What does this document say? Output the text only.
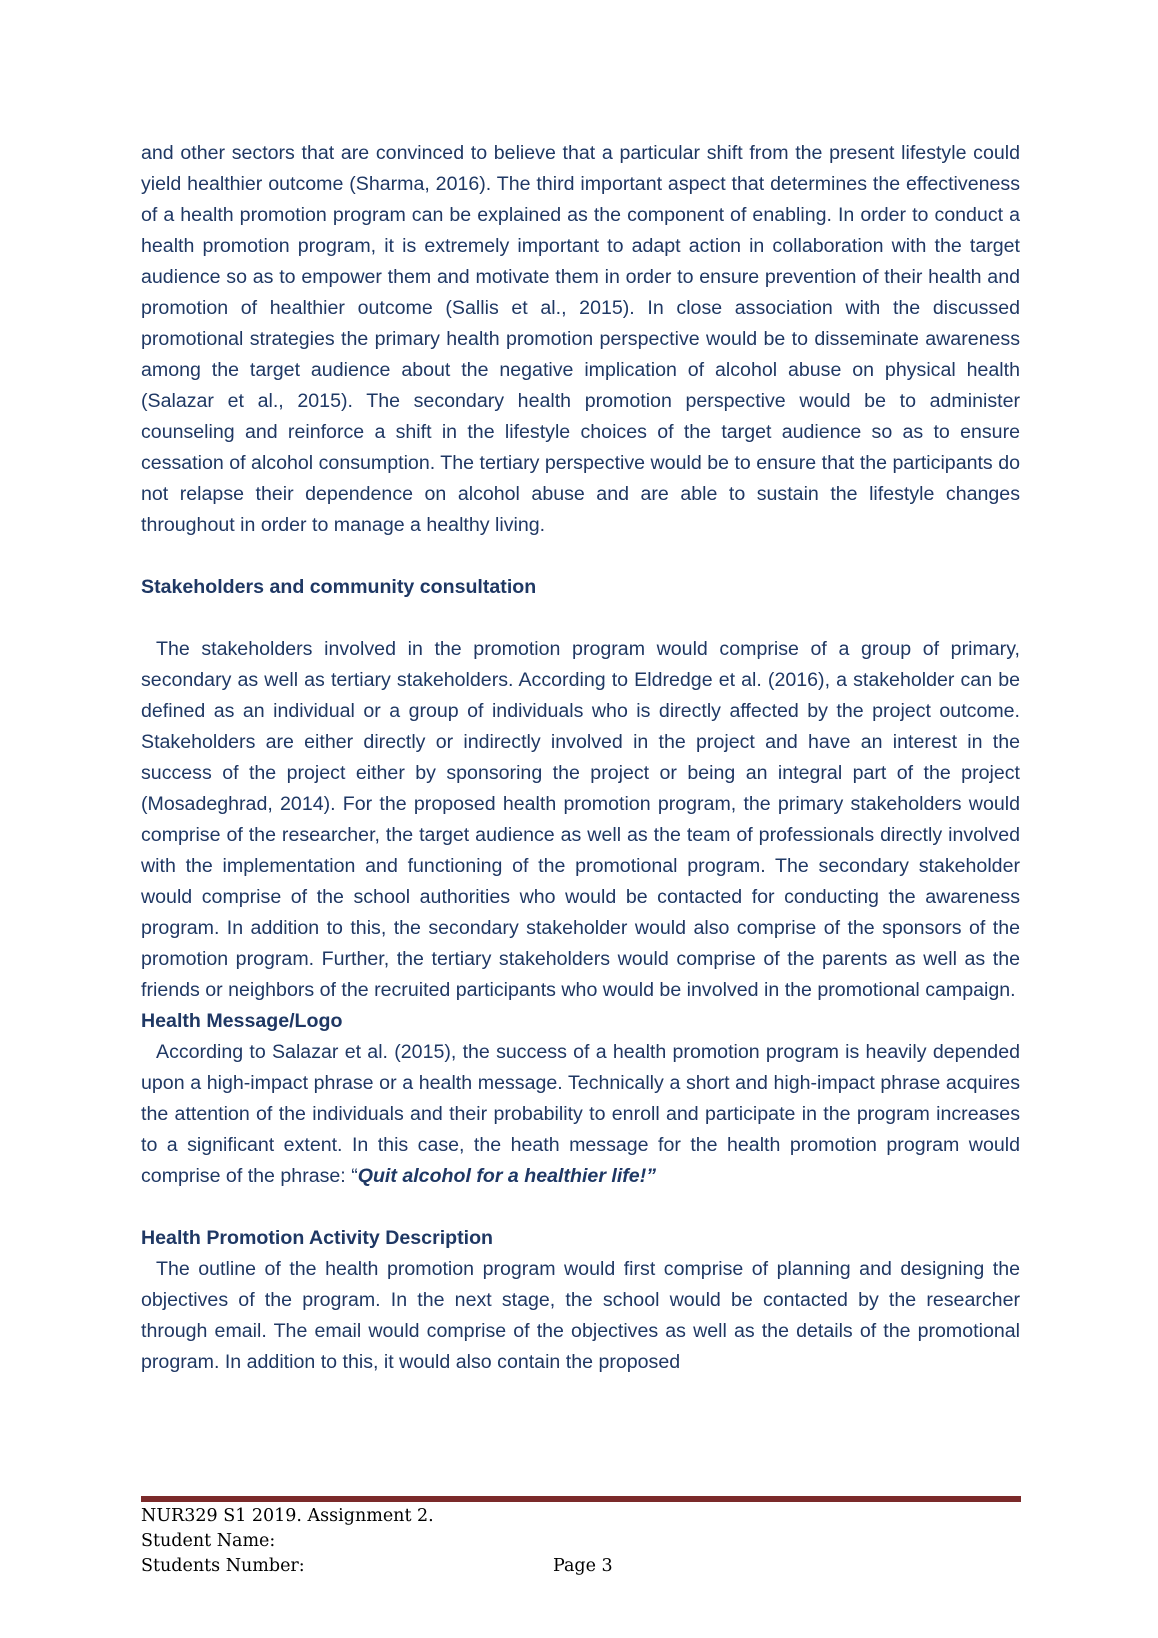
and other sectors that are convinced to believe that a particular shift from the present lifestyle could yield healthier outcome (Sharma, 2016). The third important aspect that determines the effectiveness of a health promotion program can be explained as the component of enabling. In order to conduct a health promotion program, it is extremely important to adapt action in collaboration with the target audience so as to empower them and motivate them in order to ensure prevention of their health and promotion of healthier outcome (Sallis et al., 2015). In close association with the discussed promotional strategies the primary health promotion perspective would be to disseminate awareness among the target audience about the negative implication of alcohol abuse on physical health (Salazar et al., 2015). The secondary health promotion perspective would be to administer counseling and reinforce a shift in the lifestyle choices of the target audience so as to ensure cessation of alcohol consumption. The tertiary perspective would be to ensure that the participants do not relapse their dependence on alcohol abuse and are able to sustain the lifestyle changes throughout in order to manage a healthy living.

Stakeholders and community consultation

The stakeholders involved in the promotion program would comprise of a group of primary, secondary as well as tertiary stakeholders. According to Eldredge et al. (2016), a stakeholder can be defined as an individual or a group of individuals who is directly affected by the project outcome. Stakeholders are either directly or indirectly involved in the project and have an interest in the success of the project either by sponsoring the project or being an integral part of the project (Mosadeghrad, 2014). For the proposed health promotion program, the primary stakeholders would comprise of the researcher, the target audience as well as the team of professionals directly involved with the implementation and functioning of the promotional program. The secondary stakeholder would comprise of the school authorities who would be contacted for conducting the awareness program. In addition to this, the secondary stakeholder would also comprise of the sponsors of the promotion program. Further, the tertiary stakeholders would comprise of the parents as well as the friends or neighbors of the recruited participants who would be involved in the promotional campaign.

Health Message/Logo

According to Salazar et al. (2015), the success of a health promotion program is heavily depended upon a high-impact phrase or a health message. Technically a short and high-impact phrase acquires the attention of the individuals and their probability to enroll and participate in the program increases to a significant extent. In this case, the heath message for the health promotion program would comprise of the phrase: “Quit alcohol for a healthier life!”

Health Promotion Activity Description

The outline of the health promotion program would first comprise of planning and designing the objectives of the program. In the next stage, the school would be contacted by the researcher through email. The email would comprise of the objectives as well as the details of the promotional program. In addition to this, it would also contain the proposed

NUR329 S1 2019. Assignment 2.
Student Name:
Students Number:	Page 3
